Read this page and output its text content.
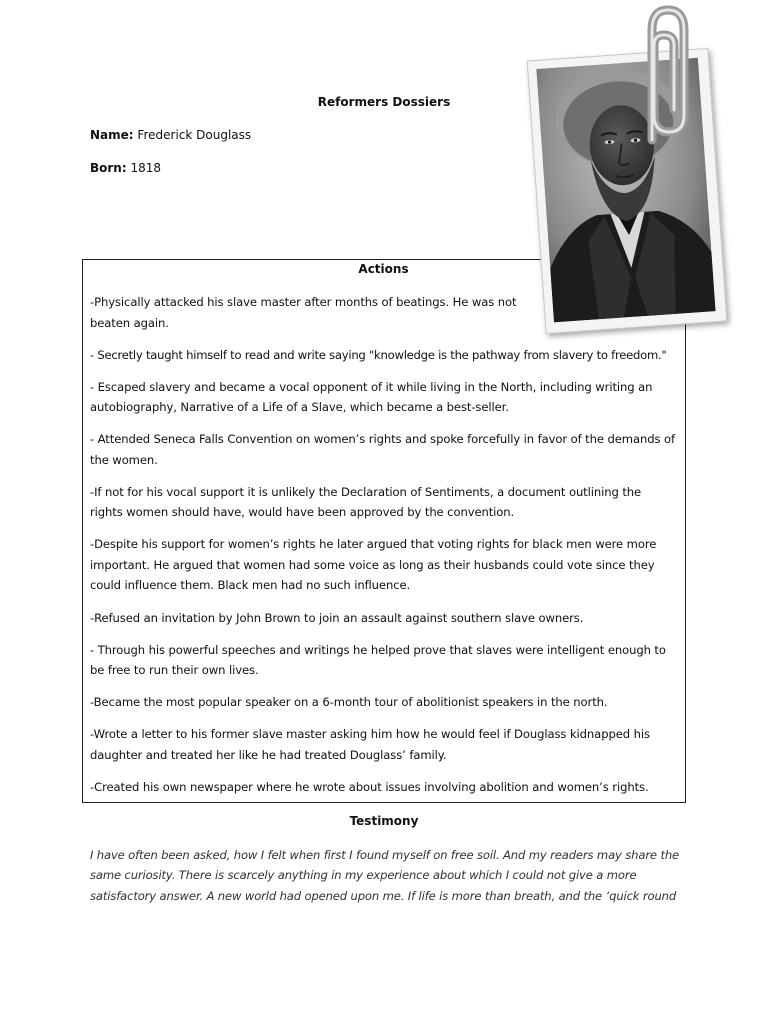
Reformers Dossiers
Name: Frederick Douglass
Born: 1818
Actions
-Physically attacked his slave master after months of beatings. He was not beaten again.
- Secretly taught himself to read and write saying "knowledge is the pathway from slavery to freedom."
- Escaped slavery and became a vocal opponent of it while living in the North, including writing an autobiography, Narrative of a Life of a Slave, which became a best-seller.
- Attended Seneca Falls Convention on women’s rights and spoke forcefully in favor of the demands of the women.
-If not for his vocal support it is unlikely the Declaration of Sentiments, a document outlining the rights women should have, would have been approved by the convention.
-Despite his support for women’s rights he later argued that voting rights for black men were more important. He argued that women had some voice as long as their husbands could vote since they could influence them. Black men had no such influence.
-Refused an invitation by John Brown to join an assault against southern slave owners.
- Through his powerful speeches and writings he helped prove that slaves were intelligent enough to be free to run their own lives.
-Became the most popular speaker on a 6-month tour of abolitionist speakers in the north.
-Wrote a letter to his former slave master asking him how he would feel if Douglass kidnapped his daughter and treated her like he had treated Douglass’ family.
-Created his own newspaper where he wrote about issues involving abolition and women’s rights.
Testimony
I have often been asked, how I felt when first I found myself on free soil. And my readers may share the same curiosity. There is scarcely anything in my experience about which I could not give a more satisfactory answer. A new world had opened upon me. If life is more than breath, and the ‘quick round
